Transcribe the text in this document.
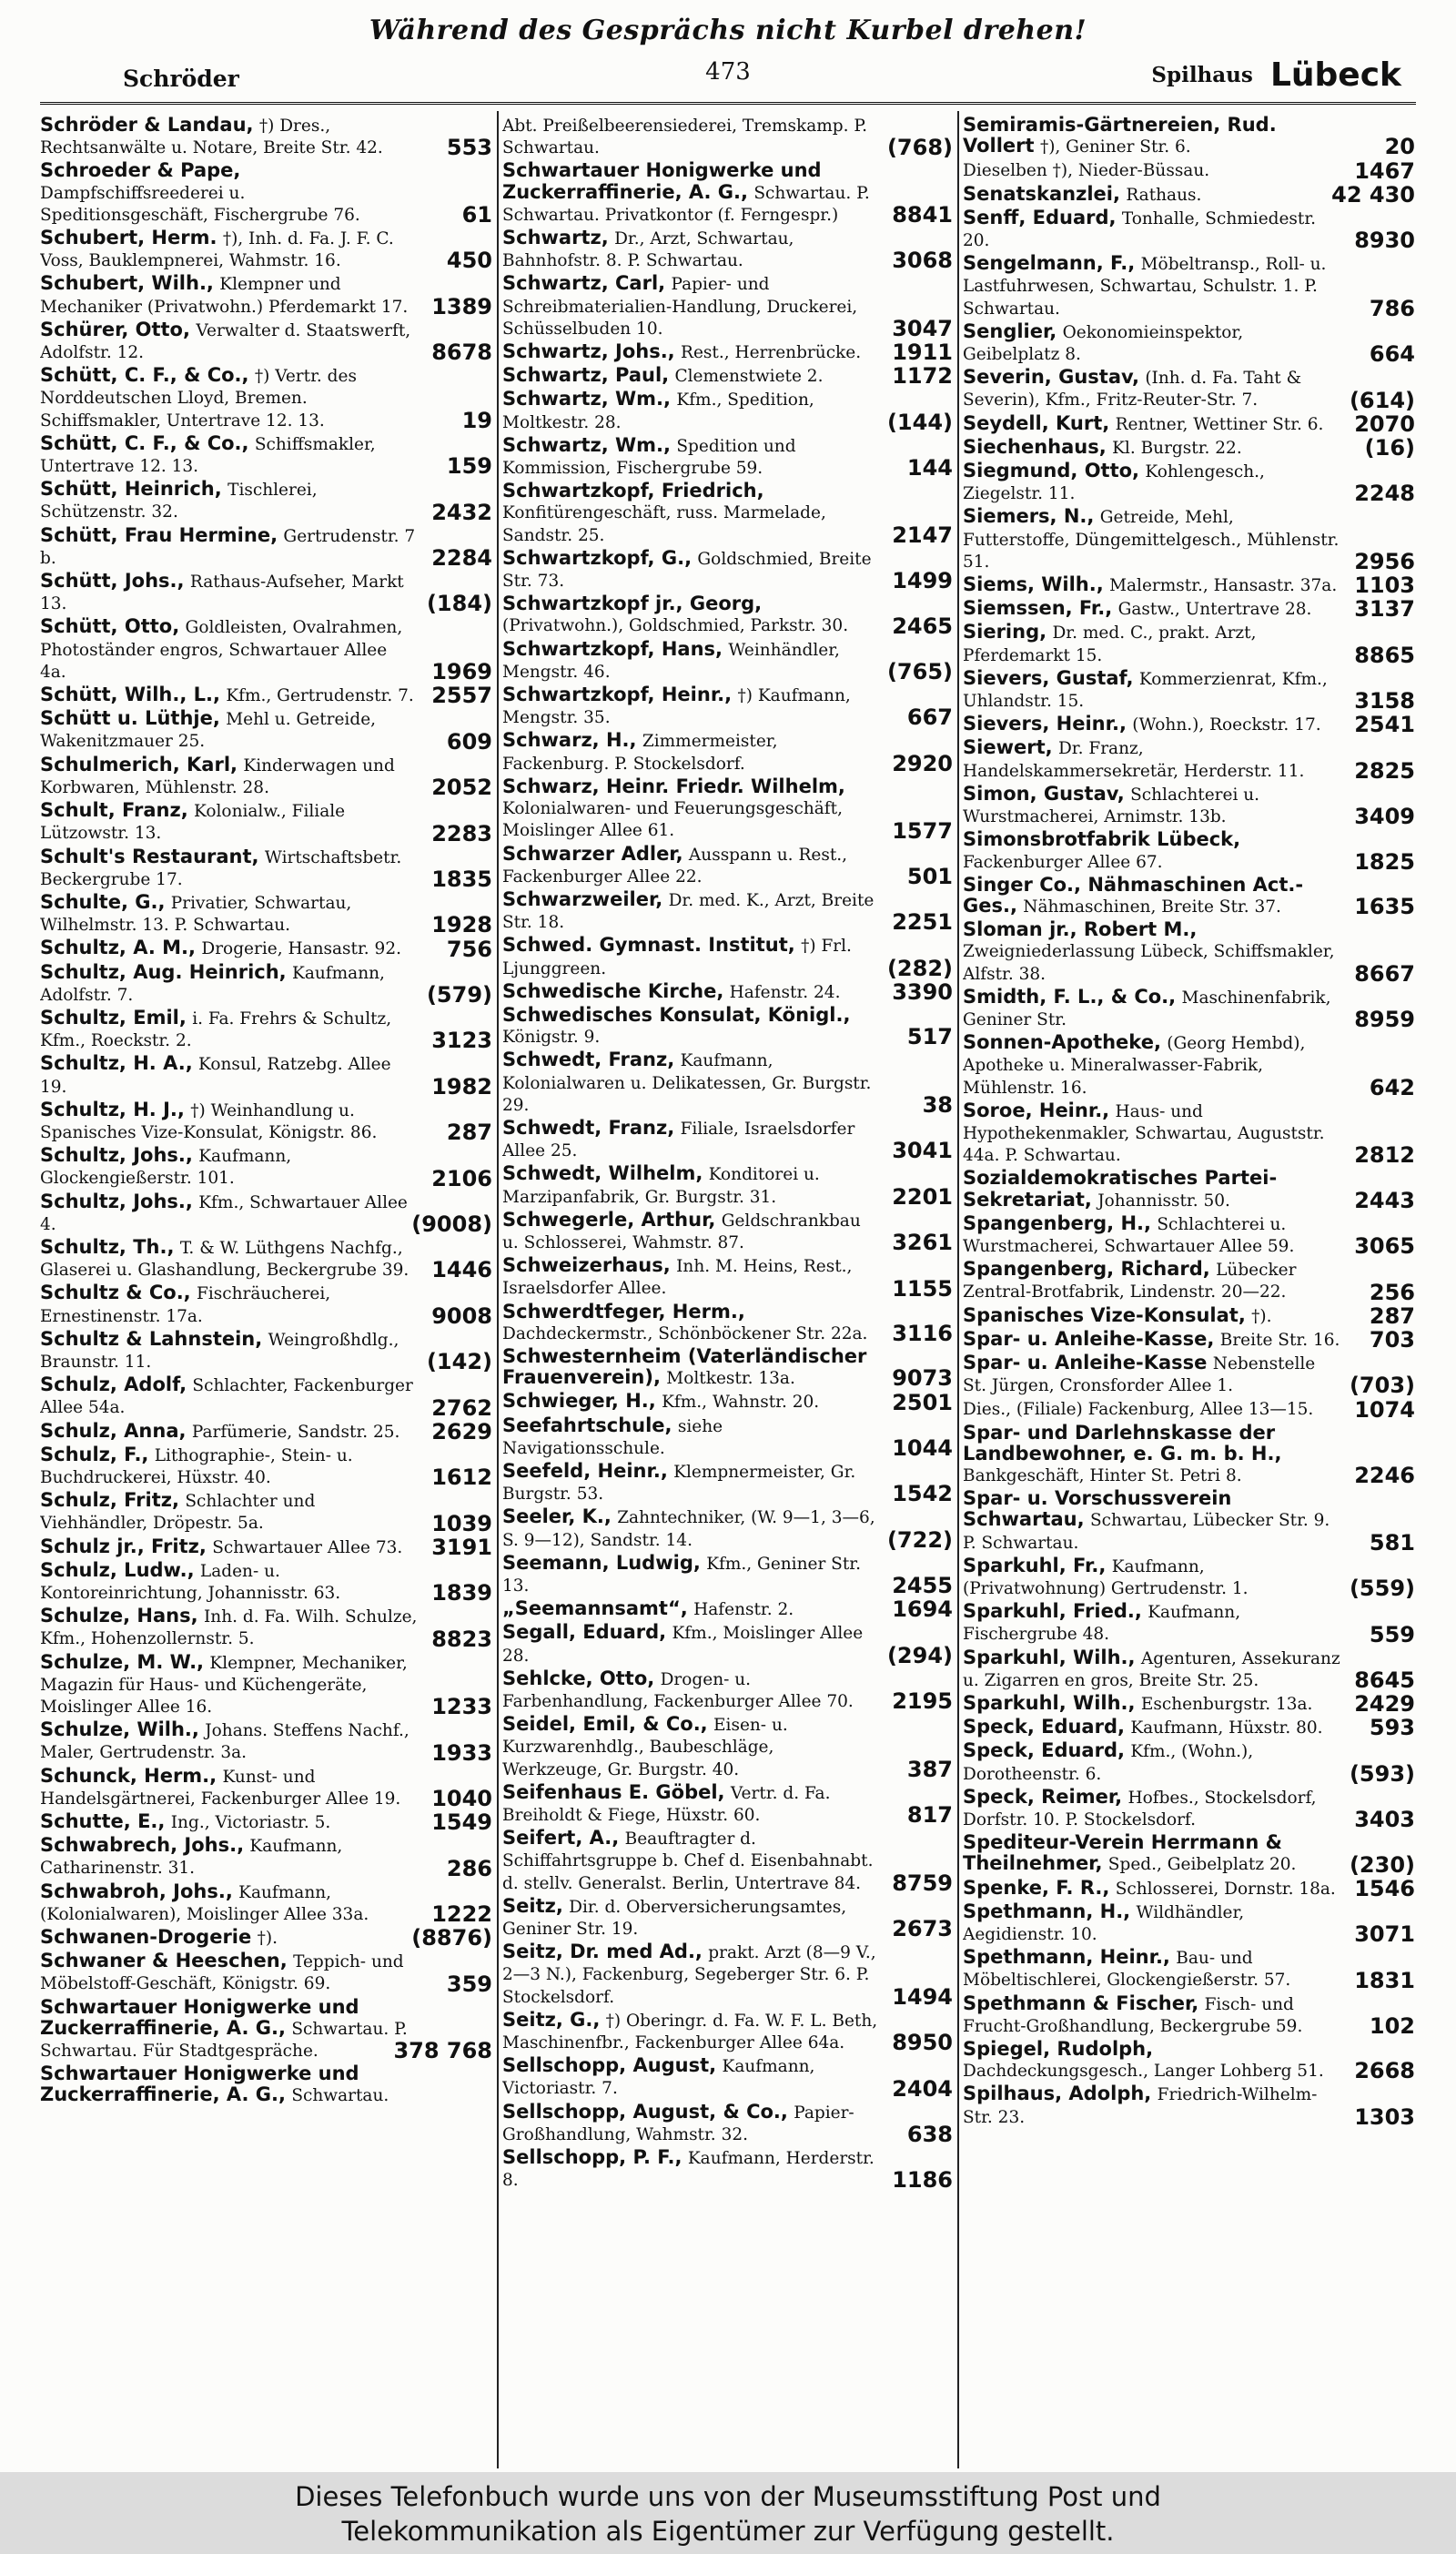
Während des Gesprächs nicht Kurbel drehen!
Schröder	473	Spilhaus Lübeck
Schröder & Landau, †) Dres., Rechtsanwälte u. Notare, Breite Str. 42.	553
Schroeder & Pape, Dampfschiffsreederei u. Speditionsgeschäft, Fischergrube 76.	61
Schubert, Herm. †), Inh. d. Fa. J. F. C. Voss, Bauklempnerei, Wahmstr. 16.	450
Schubert, Wilh., Klempner und Mechaniker (Privatwohn.) Pferdemarkt 17. 1389
Schürer, Otto, Verwalter d. Staatswerft, Adolfstr. 12.	8678
Schütt, C. F., & Co., †) Vertr. des Norddeutschen Lloyd, Bremen. Schiffsmakler, Untertrave 12. 13.	19
Schütt, C. F., & Co., Schiffsmakler, Untertrave 12. 13.	159
Schütt, Heinrich, Tischlerei, Schützenstr. 32.	2432
Schütt, Frau Hermine, Gertrudenstr. 7 b.	2284
Schütt, Johs., Rathaus-Aufseher, Markt 13.	(184)
Schütt, Otto, Goldleisten, Ovalrahmen, Photoständer engros, Schwartauer Allee 4a.	1969
Schütt, Wilh., L., Kfm., Gertrudenstr. 7. 2557
Schütt u. Lüthje, Mehl u. Getreide, Wakenitzmauer 25.	609
Schulmerich, Karl, Kinderwagen und Korbwaren, Mühlenstr. 28.	2052
Schult, Franz, Kolonialw., Filiale Lützowstr. 13.	2283
Schult's Restaurant, Wirtschaftsbetr. Beckergrube 17.	1835
Schulte, G., Privatier, Schwartau, Wilhelmstr. 13. P. Schwartau.	1928
Schultz, A. M., Drogerie, Hansastr. 92. 756
Schultz, Aug. Heinrich, Kaufmann, Adolfstr. 7.	(579)
Schultz, Emil, i. Fa. Frehrs & Schultz, Kfm., Roeckstr. 2.	3123
Schultz, H. A., Konsul, Ratzebg. Allee 19.	1982
Schultz, H. J., †) Weinhandlung u. Spanisches Vize-Konsulat, Königstr. 86.	287
Schultz, Johs., Kaufmann, Glockengießerstr. 101.	2106
Schultz, Johs., Kfm., Schwartauer Allee 4.	(9008)
Schultz, Th., T. & W. Lüthgens Nachfg., Glaserei u. Glashandlung, Beckergrube 39. 1446
Schultz & Co., Fischräucherei, Ernestinenstr. 17a.	9008
Schultz & Lahnstein, Weingroßhdlg., Braunstr. 11.	(142)
Schulz, Adolf, Schlachter, Fackenburger Allee 54a.	2762
Schulz, Anna, Parfümerie, Sandstr. 25. 2629
Schulz, F., Lithographie-, Stein- u. Buchdruckerei, Hüxstr. 40.	1612
Schulz, Fritz, Schlachter und Viehhändler, Dröpestr. 5a.	1039
Schulz jr., Fritz, Schwartauer Allee 73. 3191
Schulz, Ludw., Laden- u. Kontoreinrichtung, Johannisstr. 63.	1839
Schulze, Hans, Inh. d. Fa. Wilh. Schulze, Kfm., Hohenzollernstr. 5.	8823
Schulze, M. W., Klempner, Mechaniker, Magazin für Haus- und Küchengeräte, Moislinger Allee 16.	1233
Schulze, Wilh., Johans. Steffens Nachf., Maler, Gertrudenstr. 3a.	1933
Schunck, Herm., Kunst- und Handelsgärtnerei, Fackenburger Allee 19. 1040
Schutte, E., Ing., Victoriastr. 5.	1549
Schwabrech, Johs., Kaufmann, Catharinenstr. 31.	286
Schwabroh, Johs., Kaufmann, (Kolonialwaren), Moislinger Allee 33a.	1222
Schwanen-Drogerie †).	(8876)
Schwaner & Heeschen, Teppich- und Möbelstoff-Geschäft, Königstr. 69.	359
Schwartauer Honigwerke und Zuckerraffinerie, A. G., Schwartau. P. Schwartau. Für Stadtgespräche.	378 768
Schwartauer Honigwerke und Zuckerraffinerie, A. G., Schwartau.
Abt. Preißelbeerensiederei, Tremskamp. P. Schwartau.	(768)
Schwartauer Honigwerke und Zuckerraffinerie, A. G., Schwartau. P. Schwartau. Privatkontor (f. Ferngespr.) 8841
Schwartz, Dr., Arzt, Schwartau, Bahnhofstr. 8. P. Schwartau.	3068
Schwartz, Carl, Papier- und Schreibmaterialien-Handlung, Druckerei, Schüsselbuden 10.	3047
Schwartz, Johs., Rest., Herrenbrücke. 1911
Schwartz, Paul, Clemenstwiete 2.	1172
Schwartz, Wm., Kfm., Spedition, Moltkestr. 28.	(144)
Schwartz, Wm., Spedition und Kommission, Fischergrube 59.	144
Schwartzkopf, Friedrich, Konfitürengeschäft, russ. Marmelade, Sandstr. 25.	2147
Schwartzkopf, G., Goldschmied, Breite Str. 73.	1499
Schwartzkopf jr., Georg, (Privatwohn.), Goldschmied, Parkstr. 30. 2465
Schwartzkopf, Hans, Weinhändler, Mengstr. 46.	(765)
Schwartzkopf, Heinr., †) Kaufmann, Mengstr. 35.	667
Schwarz, H., Zimmermeister, Fackenburg. P. Stockelsdorf.	2920
Schwarz, Heinr. Friedr. Wilhelm, Kolonialwaren- und Feuerungsgeschäft, Moislinger Allee 61.	1577
Schwarzer Adler, Ausspann u. Rest., Fackenburger Allee 22.	501
Schwarzweiler, Dr. med. K., Arzt, Breite Str. 18.	2251
Schwed. Gymnast. Institut, †) Frl. Ljunggreen.	(282)
Schwedische Kirche, Hafenstr. 24. 3390
Schwedisches Konsulat, Königl., Königstr. 9.	517
Schwedt, Franz, Kaufmann, Kolonialwaren u. Delikatessen, Gr. Burgstr. 29.	38
Schwedt, Franz, Filiale, Israelsdorfer Allee 25.	3041
Schwedt, Wilhelm, Konditorei u. Marzipanfabrik, Gr. Burgstr. 31.	2201
Schwegerle, Arthur, Geldschrankbau u. Schlosserei, Wahmstr. 87.	3261
Schweizerhaus, Inh. M. Heins, Rest., Israelsdorfer Allee.	1155
Schwerdtfeger, Herm., Dachdeckermstr., Schönböckener Str. 22a. 3116
Schwesternheim (Vaterländischer Frauenverein), Moltkestr. 13a.	9073
Schwieger, H., Kfm., Wahnstr. 20.	2501
Seefahrtschule, siehe Navigationsschule.	1044
Seefeld, Heinr., Klempnermeister, Gr. Burgstr. 53.	1542
Seeler, K., Zahntechniker, (W. 9—1, 3—6, S. 9—12), Sandstr. 14.	(722)
Seemann, Ludwig, Kfm., Geniner Str. 13.	2455
„Seemannsamt“, Hafenstr. 2.	1694
Segall, Eduard, Kfm., Moislinger Allee 28.	(294)
Sehlcke, Otto, Drogen- u. Farbenhandlung, Fackenburger Allee 70. 2195
Seidel, Emil, & Co., Eisen- u. Kurzwarenhdlg., Baubeschläge, Werkzeuge, Gr. Burgstr. 40.	387
Seifenhaus E. Göbel, Vertr. d. Fa. Breiholdt & Fiege, Hüxstr. 60.	817
Seifert, A., Beauftragter d. Schiffahrtsgruppe b. Chef d. Eisenbahnabt. d. stellv. Generalst. Berlin, Untertrave 84. 8759
Seitz, Dir. d. Oberversicherungsamtes, Geniner Str. 19.	2673
Seitz, Dr. med Ad., prakt. Arzt (8—9 V., 2—3 N.), Fackenburg, Segeberger Str. 6. P. Stockelsdorf.	1494
Seitz, G., †) Oberingr. d. Fa. W. F. L. Beth, Maschinenfbr., Fackenburger Allee 64a. 8950
Sellschopp, August, Kaufmann, Victoriastr. 7.	2404
Sellschopp, August, & Co., Papier-Großhandlung, Wahmstr. 32.	638
Sellschopp, P. F., Kaufmann, Herderstr. 8.	1186
Semiramis-Gärtnereien, Rud. Vollert †), Geniner Str. 6.	20
Dieselben †), Nieder-Büssau.	1467
Senatskanzlei, Rathaus.	42 430
Senff, Eduard, Tonhalle, Schmiedestr. 20.	8930
Sengelmann, F., Möbeltransp., Roll- u. Lastfuhrwesen, Schwartau, Schulstr. 1. P. Schwartau.	786
Senglier, Oekonomieinspektor, Geibelplatz 8.	664
Severin, Gustav, (Inh. d. Fa. Taht & Severin), Kfm., Fritz-Reuter-Str. 7.	(614)
Seydell, Kurt, Rentner, Wettiner Str. 6. 2070
Siechenhaus, Kl. Burgstr. 22.	(16)
Siegmund, Otto, Kohlengesch., Ziegelstr. 11.	2248
Siemers, N., Getreide, Mehl, Futterstoffe, Düngemittelgesch., Mühlenstr. 51.	2956
Siems, Wilh., Malermstr., Hansastr. 37a. 1103
Siemssen, Fr., Gastw., Untertrave 28. 3137
Siering, Dr. med. C., prakt. Arzt, Pferdemarkt 15.	8865
Sievers, Gustaf, Kommerzienrat, Kfm., Uhlandstr. 15.	3158
Sievers, Heinr., (Wohn.), Roeckstr. 17. 2541
Siewert, Dr. Franz, Handelskammersekretär, Herderstr. 11. 2825
Simon, Gustav, Schlachterei u. Wurstmacherei, Arnimstr. 13b.	3409
Simonsbrotfabrik Lübeck, Fackenburger Allee 67.	1825
Singer Co., Nähmaschinen Act.-Ges., Nähmaschinen, Breite Str. 37.	1635
Sloman jr., Robert M., Zweigniederlassung Lübeck, Schiffsmakler, Alfstr. 38.	8667
Smidth, F. L., & Co., Maschinenfabrik, Geniner Str.	8959
Sonnen-Apotheke, (Georg Hembd), Apotheke u. Mineralwasser-Fabrik, Mühlenstr. 16.	642
Soroe, Heinr., Haus- und Hypothekenmakler, Schwartau, Auguststr. 44a. P. Schwartau.	2812
Sozialdemokratisches Partei-Sekretariat, Johannisstr. 50.	2443
Spangenberg, H., Schlachterei u. Wurstmacherei, Schwartauer Allee 59.	3065
Spangenberg, Richard, Lübecker Zentral-Brotfabrik, Lindenstr. 20—22.	256
Spanisches Vize-Konsulat, †).	287
Spar- u. Anleihe-Kasse, Breite Str. 16. 703
Spar- u. Anleihe-Kasse Nebenstelle St. Jürgen, Cronsforder Allee 1.	(703)
Dies., (Filiale) Fackenburg, Allee 13—15. 1074
Spar- und Darlehnskasse der Landbewohner, e. G. m. b. H., Bankgeschäft, Hinter St. Petri 8.	2246
Spar- u. Vorschussverein Schwartau, Schwartau, Lübecker Str. 9. P. Schwartau.	581
Sparkuhl, Fr., Kaufmann, (Privatwohnung) Gertrudenstr. 1.	(559)
Sparkuhl, Fried., Kaufmann, Fischergrube 48.	559
Sparkuhl, Wilh., Agenturen, Assekuranz u. Zigarren en gros, Breite Str. 25.	8645
Sparkuhl, Wilh., Eschenburgstr. 13a. 2429
Speck, Eduard, Kaufmann, Hüxstr. 80. 593
Speck, Eduard, Kfm., (Wohn.), Dorotheenstr. 6.	(593)
Speck, Reimer, Hofbes., Stockelsdorf, Dorfstr. 10. P. Stockelsdorf.	3403
Spediteur-Verein Herrmann & Theilnehmer, Sped., Geibelplatz 20. (230)
Spenke, F. R., Schlosserei, Dornstr. 18a. 1546
Spethmann, H., Wildhändler, Aegidienstr. 10.	3071
Spethmann, Heinr., Bau- und Möbeltischlerei, Glockengießerstr. 57.	1831
Spethmann & Fischer, Fisch- und Frucht-Großhandlung, Beckergrube 59.	102
Spiegel, Rudolph, Dachdeckungsgesch., Langer Lohberg 51. 2668
Spilhaus, Adolph, Friedrich-Wilhelm-Str. 23.	1303
Dieses Telefonbuch wurde uns von der Museumsstiftung Post und
Telekommunikation als Eigentümer zur Verfügung gestellt.
